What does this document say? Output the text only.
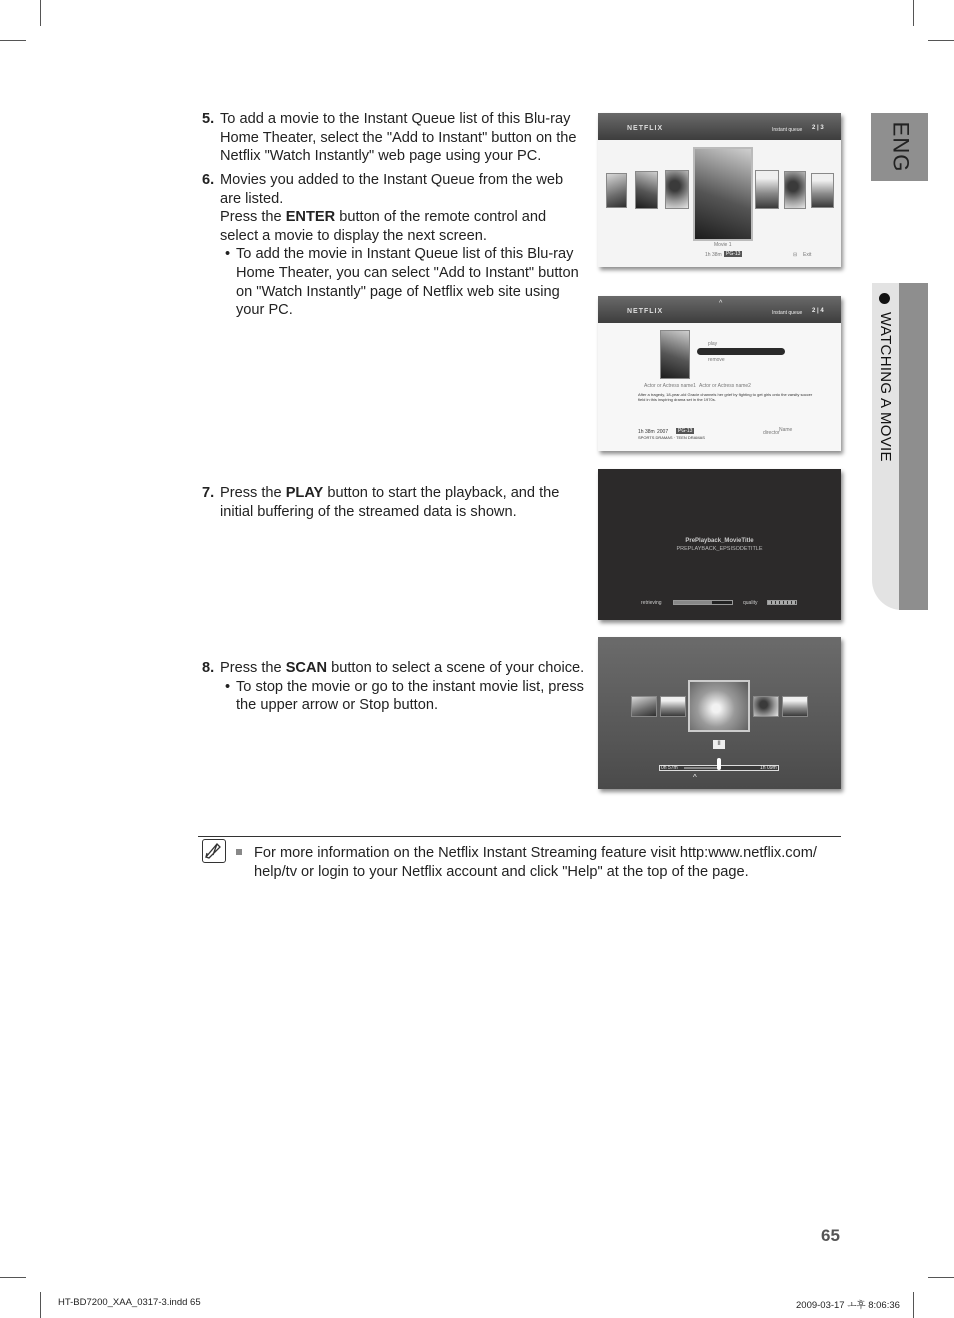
ENG
WATCHING A MOVIE
5. To add a movie to the Instant Queue list of this Blu-ray Home Theater, select the "Add to Instant" button on the Netflix "Watch Instantly" web page using your PC.
6. Movies you added to the Instant Queue from the web are listed.
Press the ENTER button of the remote control and select a movie to display the next screen.
• To add the movie in Instant Queue list of this Blu-ray Home Theater, you can select "Add to Instant" button on "Watch Instantly" page of Netflix web site using your PC.
7. Press the PLAY button to start the playback, and the initial buffering of the streamed data is shown.
8. Press the SCAN button to select a scene of your choice.
• To stop the movie or go to the instant movie list, press the upper arrow or Stop button.
NETFLIX	Instant queue 2 | 3
Movie 1
1h 38m PG-13	Exit
⊟
NETFLIX
^
Instant queue 2 | 4
play
remove
Actor or Actress name1 Actor or Actress name2
After a tragedy, 18-year-old Gracie channels her grief by fighting to get girls onto the varsity soccer field in this inspiring drama set in the 1970s.
1h 38m 2007	PG-13
SPORTS DRAMAS · TEEN DRAMAS
director Name
PrePlayback_MovieTitle
PREPLAYBACK_EPSISODETITLE
retrieving	quality
II
0h 57m	1h 09m
^
For more information on the Netflix Instant Streaming feature visit http:www.netflix.com/ help/tv or login to your Netflix account and click "Help" at the top of the page.
65
HT-BD7200_XAA_0317-3.indd 65	2009-03-17 ㅗ후 8:06:36
